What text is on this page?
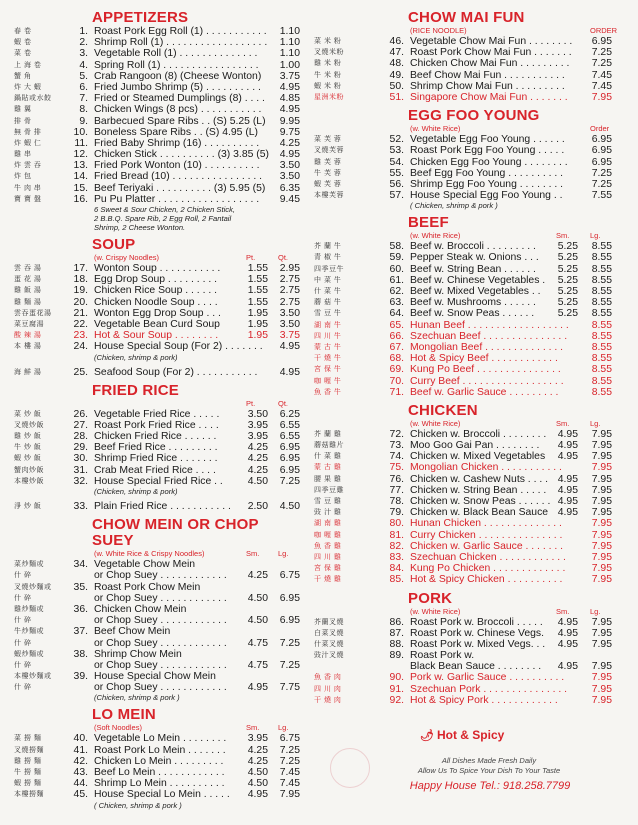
APPETIZERS
春 卷	1. Roast Pork Egg Roll (1) . . . . . . . . . . . 1.10
蝦 卷	2. Shrimp Roll (1) . . . . . . . . . . . . . . . . . . 1.10
菜 卷	3. Vegetable Roll (1) . . . . . . . . . . . . . . 1.10
上 海 卷	4. Spring Roll (1) . . . . . . . . . . . . . . . . . 1.00
蟹 角	5. Crab Rangoon (8) (Cheese Wonton) 3.75
炸 大 蝦	6. Fried Jumbo Shrimp (5) . . . . . . . . . . 4.95
鍋貼或水餃	7. Fried or Steamed Dumplings (8) . . . . 4.85
雞 翼	8. Chicken Wings (8 pcs) . . . . . . . . . . . 4.95
排 骨	9. Barbecued Spare Ribs . . (S) 5.25 (L) 9.95
無 骨 排	10. Boneless Spare Ribs . . (S) 4.95 (L) 9.75
炸 蝦 仁	11. Fried Baby Shrimp (16) . . . . . . . . . . 4.25
雞 串	12. Chicken Stick . . . . . . . . . . (3) 3.85 (5) 4.95
炸 雲 吞	13. Fried Pork Wonton (10) . . . . . . . . . . 3.50
炸 包	14. Fried Bread (10) . . . . . . . . . . . . . . . . 3.50
牛 肉 串	15. Beef Teriyaki . . . . . . . . . . (3) 5.95 (5) 6.35
寶 寶 盤	16. Pu Pu Platter . . . . . . . . . . . . . . . . . . 9.45
6 Sweet & Sour Chicken, 2 Chicken Stick,
2 B.B.Q. Spare Rib, 2 Egg Roll, 2 Fantail
Shrimp, 2 Cheese Wonton.
SOUP
(w. Crispy Noodles)	Pt.	Qt.
雲 吞 湯	17. Wonton Soup . . . . . . . . . . .	1.55 2.95
蛋 花 湯	18. Egg Drop Soup . . . . . . . . .	1.55 2.75
雞 飯 湯	19. Chicken Rice Soup . . . . . .	1.55 2.75
雞 麵 湯	20. Chicken Noodle Soup . . . .	1.55 2.75
雲吞蛋花湯	21. Wonton Egg Drop Soup . . .	1.95 3.50
菜豆腐湯	22. Vegetable Bean Curd Soup	1.95 3.50
酸 辣 湯	23. Hot & Sour Soup . . . . . . . .	1.95 3.75
本 樓 湯	24. House Special Soup (For 2) . . . . . . . 4.95
(Chicken, shrimp & pork)
海 鮮 湯	25. Seafood Soup (For 2) . . . . . . . . . . . 4.95
FRIED RICE
Pt.	Qt.
菜 炒 飯	26. Vegetable Fried Rice . . . . .	3.50 6.25
叉燒炒飯	27. Roast Pork Fried Rice . . . .	3.95 6.55
雞 炒 飯	28. Chicken Fried Rice . . . . . .	3.95 6.55
牛 炒 飯	29. Beef Fried Rice . . . . . . . . .	4.25 6.95
蝦 炒 飯	30. Shrimp Fried Rice . . . . . . .	4.25 6.95
蟹肉炒飯	31. Crab Meat Fried Rice . . . .	4.25 6.95
本樓炒飯	32. House Special Fried Rice . . 4.50 7.25
(Chicken, shrimp & pork)
淨 炒 飯	33. Plain Fried Rice . . . . . . . . . . . 2.50 4.50
CHOW MEIN OR CHOP SUEY
(w. White Rice & Crispy Noodles)	Sm. Lg.
菜炒麵或	34. Vegetable Chow Mein
什 碎	or Chop Suey . . . . . . . . . . . . 4.25 6.75
叉燒炒麵或	35. Roast Pork Chow Mein
什 碎	or Chop Suey . . . . . . . . . . . . 4.50 6.95
雞炒麵或	36. Chicken Chow Mein
什 碎	or Chop Suey . . . . . . . . . . . . 4.50 6.95
牛炒麵或	37. Beef Chow Mein
什 碎	or Chop Suey . . . . . . . . . . . . 4.75 7.25
蝦炒麵或	38. Shrimp Chow Mein
什 碎	or Chop Suey . . . . . . . . . . . . 4.75 7.25
本樓炒麵或	39. House Special Chow Mein
什 碎	or Chop Suey . . . . . . . . . . . . 4.95 7.75
(Chicken, shrimp & pork )
LO MEIN
(Soft Noodles)	Sm. Lg.
菜 撈 麵	40. Vegetable Lo Mein . . . . . . . . 3.95 6.75
叉燒撈麵	41. Roast Pork Lo Mein . . . . . . . 4.25 7.25
雞 撈 麵	42. Chicken Lo Mein . . . . . . . . . 4.25 7.25
牛 撈 麵	43. Beef Lo Mein . . . . . . . . . . . . 4.50 7.45
蝦 撈 麵	44. Shrimp Lo Mein . . . . . . . . . . 4.50 7.45
本樓撈麵	45. House Special Lo Mein . . . . . 4.95 7.95
( Chicken, shrimp & pork )
CHOW MAI FUN
(RICE NOODLE)	ORDER
菜 米 粉	46. Vegetable Chow Mai Fun . . . . . . . . 6.95
叉燒米粉	47. Roast Pork Chow Mai Fun . . . . . . . 7.25
雞 米 粉	48. Chicken Chow Mai Fun . . . . . . . . . 7.25
牛 米 粉	49. Beef Chow Mai Fun . . . . . . . . . . .	7.45
蝦 米 粉	50. Shrimp Chow Mai Fun . . . . . . . . .	7.45
星洲米粉	51. Singapore Chow Mai Fun . . . . . . . 7.95
EGG FOO YOUNG
(w. White Rice)	Order
菜 芙 蓉	52. Vegetable Egg Foo Young . . . . . .	6.95
叉燒芙蓉	53. Roast Pork Egg Foo Young . . . . .	6.95
雞 芙 蓉	54. Chicken Egg Foo Young . . . . . . . . 6.95
牛 芙 蓉	55. Beef Egg Foo Young . . . . . . . . . .	7.25
蝦 芙 蓉	56. Shrimp Egg Foo Young . . . . . . . .	7.25
本樓芙蓉	57. House Special Egg Foo Young . .	7.55
( Chicken, shrimp & pork )
BEEF
(w. White Rice)	Sm.	Lg.
芥 蘭 牛	58. Beef w. Broccoli . . . . . . . . . 5.25 8.55
青 椒 牛	59. Pepper Steak w. Onions . . . 5.25 8.55
四季豆牛	60. Beef w. String Bean . . . . . . 5.25 8.55
中 菜 牛	61. Beef w. Chinese Vegetables . 5.25 8.55
什 菜 牛	62. Beef w. Mixed Vegetables . . 5.25 8.55
蘑 菇 牛	63. Beef w. Mushrooms . . . . . . 5.25 8.55
雪 豆 牛	64. Beef w. Snow Peas . . . . . . 5.25 8.55
湖 南 牛	65. Hunan Beef . . . . . . . . . . . . . . . . . . 8.55
四 川 牛	66. Szechuan Beef . . . . . . . . . . . . . . . 8.55
蒙 古 牛	67. Mongolian Beef . . . . . . . . . . . . . .	8.55
干 燒 牛	68. Hot & Spicy Beef . . . . . . . . . . . .	8.55
宮 保 牛	69. Kung Po Beef . . . . . . . . . . . . . . .	8.55
咖 喱 牛	70. Curry Beef . . . . . . . . . . . . . . . . . .	8.55
魚 香 牛	71. Beef w. Garlic Sauce . . . . . . . . .	8.55
CHICKEN
(w. White Rice)	Sm.	Lg.
芥 蘭 雞	72. Chicken w. Broccoli . . . . . . . . 4.95 7.95
蘑菇雞片	73. Moo Goo Gai Pan . . . . . . . . 4.95 7.95
什 菜 雞	74. Chicken w. Mixed Vegetables 4.95 7.95
蒙 古 雞	75. Mongolian Chicken . . . . . . . . . . .	7.95
腰 果 雞	76. Chicken w. Cashew Nuts . . . . 4.95 7.95
四季豆雞	77. Chicken w. String Bean . . . . . 4.95 7.95
雪 豆 雞	78. Chicken w. Snow Peas . . . . . . 4.95 7.95
豉 汁 雞	79. Chicken w. Black Bean Sauce 4.95 7.95
湖 南 雞	80. Hunan Chicken . . . . . . . . . . . . . .	7.95
咖 喱 雞	81. Curry Chicken . . . . . . . . . . . . . . .	7.95
魚 香 雞	82. Chicken w. Garlic Sauce . . . . . . .	7.95
四 川 雞	83. Szechuan Chicken . . . . . . . . . . . . 7.95
宮 保 雞	84. Kung Po Chicken . . . . . . . . . . . . .	7.95
干 燒 雞	85. Hot & Spicy Chicken . . . . . . . . . .	7.95
PORK
(w. White Rice)	Sm.	Lg.
芥蘭叉燒	86. Roast Pork w. Broccoli . . . . . 4.95 7.95
白菜叉燒	87. Roast Pork w. Chinese Vegs. 4.95 7.95
什菜叉燒	88. Roast Pork w. Mixed Vegs. . . 4.95 7.95
豉汁叉燒	89. Roast Pork w.
Black Bean Sauce . . . . . . . . 4.95 7.95
魚 香 肉	90. Pork w. Garlic Sauce . . . . . . . . . .	7.95
四 川 肉	91. Szechuan Pork . . . . . . . . . . . . . . . 7.95
干 燒 肉	92. Hot & Spicy Pork . . . . . . . . . . . .	7.95
🌶 Hot & Spicy
All Dishes Made Fresh Daily
Allow Us To Spice Your Dish To Your Taste
Happy House Tel.: 918.258.7799
